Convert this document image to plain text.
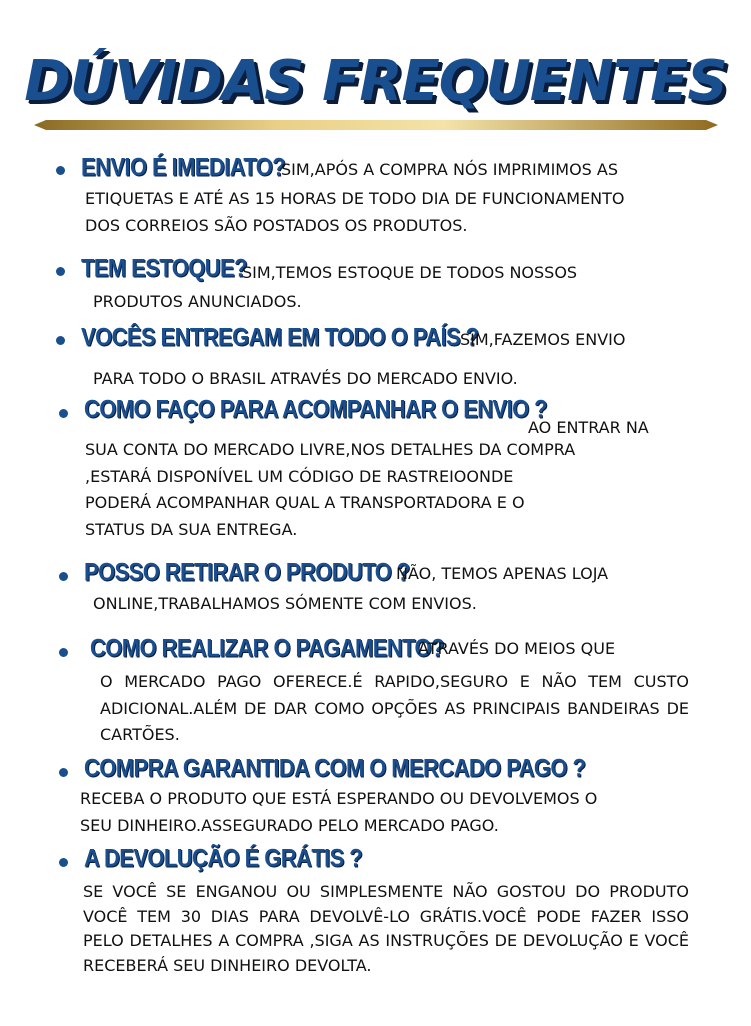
DÚVIDAS FREQUENTES
ENVIO É IMEDIATO?
SIM,APÓS A COMPRA NÓS IMPRIMIMOS AS
ETIQUETAS E ATÉ AS 15 HORAS DE TODO DIA DE FUNCIONAMENTO
DOS CORREIOS SÃO POSTADOS OS PRODUTOS.
TEM ESTOQUE?
SIM,TEMOS ESTOQUE DE TODOS NOSSOS
PRODUTOS ANUNCIADOS.
VOCÊS ENTREGAM EM TODO O PAÍS ?
SIM,FAZEMOS ENVIO
PARA TODO O BRASIL ATRAVÉS DO MERCADO ENVIO.
COMO FAÇO PARA ACOMPANHAR O ENVIO ?
AO ENTRAR NA
SUA CONTA DO MERCADO LIVRE,NOS DETALHES DA COMPRA
,ESTARÁ DISPONÍVEL UM CÓDIGO DE RASTREIOONDE
PODERÁ ACOMPANHAR QUAL A TRANSPORTADORA E O
STATUS DA SUA ENTREGA.
POSSO RETIRAR O PRODUTO ?
NÃO, TEMOS APENAS LOJA
ONLINE,TRABALHAMOS SÓMENTE COM ENVIOS.
COMO REALIZAR O PAGAMENTO?
ATRAVÉS DO MEIOS QUE
O MERCADO PAGO OFERECE.É RAPIDO,SEGURO E NÃO TEM CUSTO ADICIONAL.ALÉM DE DAR COMO OPÇÕES AS PRINCIPAIS BANDEIRAS DE CARTÕES.
COMPRA GARANTIDA COM O MERCADO PAGO ?
RECEBA O PRODUTO QUE ESTÁ ESPERANDO OU DEVOLVEMOS O
SEU DINHEIRO.ASSEGURADO PELO MERCADO PAGO.
A DEVOLUÇÃO É GRÁTIS ?
SE VOCÊ SE ENGANOU OU SIMPLESMENTE NÃO GOSTOU DO PRODUTO VOCÊ TEM 30 DIAS PARA DEVOLVÊ-LO GRÁTIS.VOCÊ PODE FAZER ISSO PELO DETALHES A COMPRA ,SIGA AS INSTRUÇÕES DE DEVOLUÇÃO E VOCÊ RECEBERÁ SEU DINHEIRO DEVOLTA.
